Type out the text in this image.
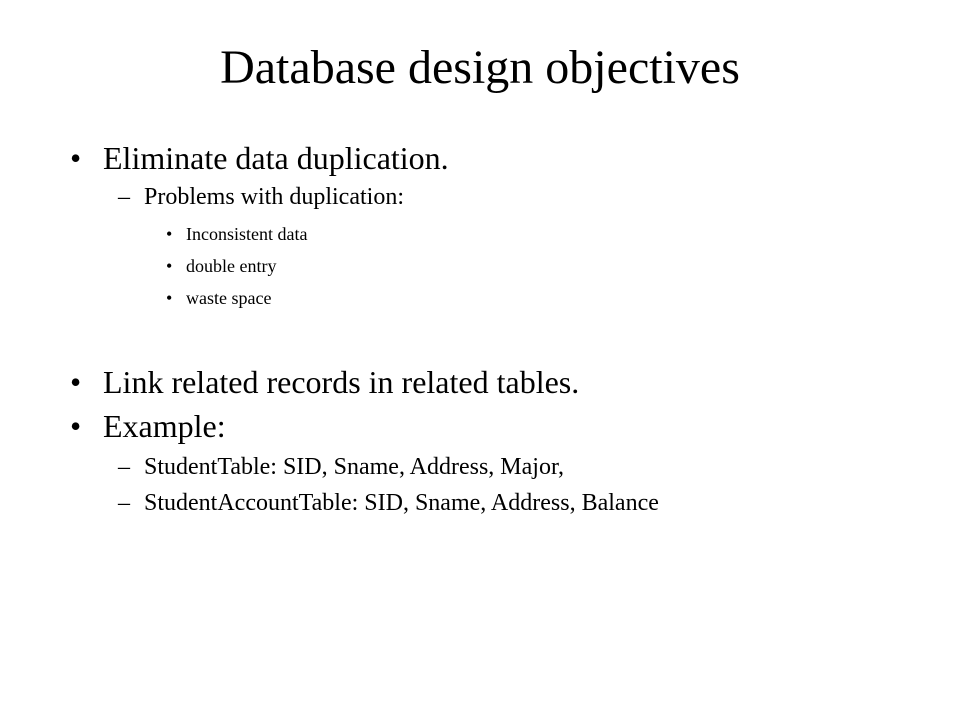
Database design objectives
• Eliminate data duplication.
– Problems with duplication:
• Inconsistent data
• double entry
• waste space
• Link related records in related tables.
• Example:
– StudentTable: SID, Sname, Address, Major,
– StudentAccountTable: SID, Sname, Address, Balance
